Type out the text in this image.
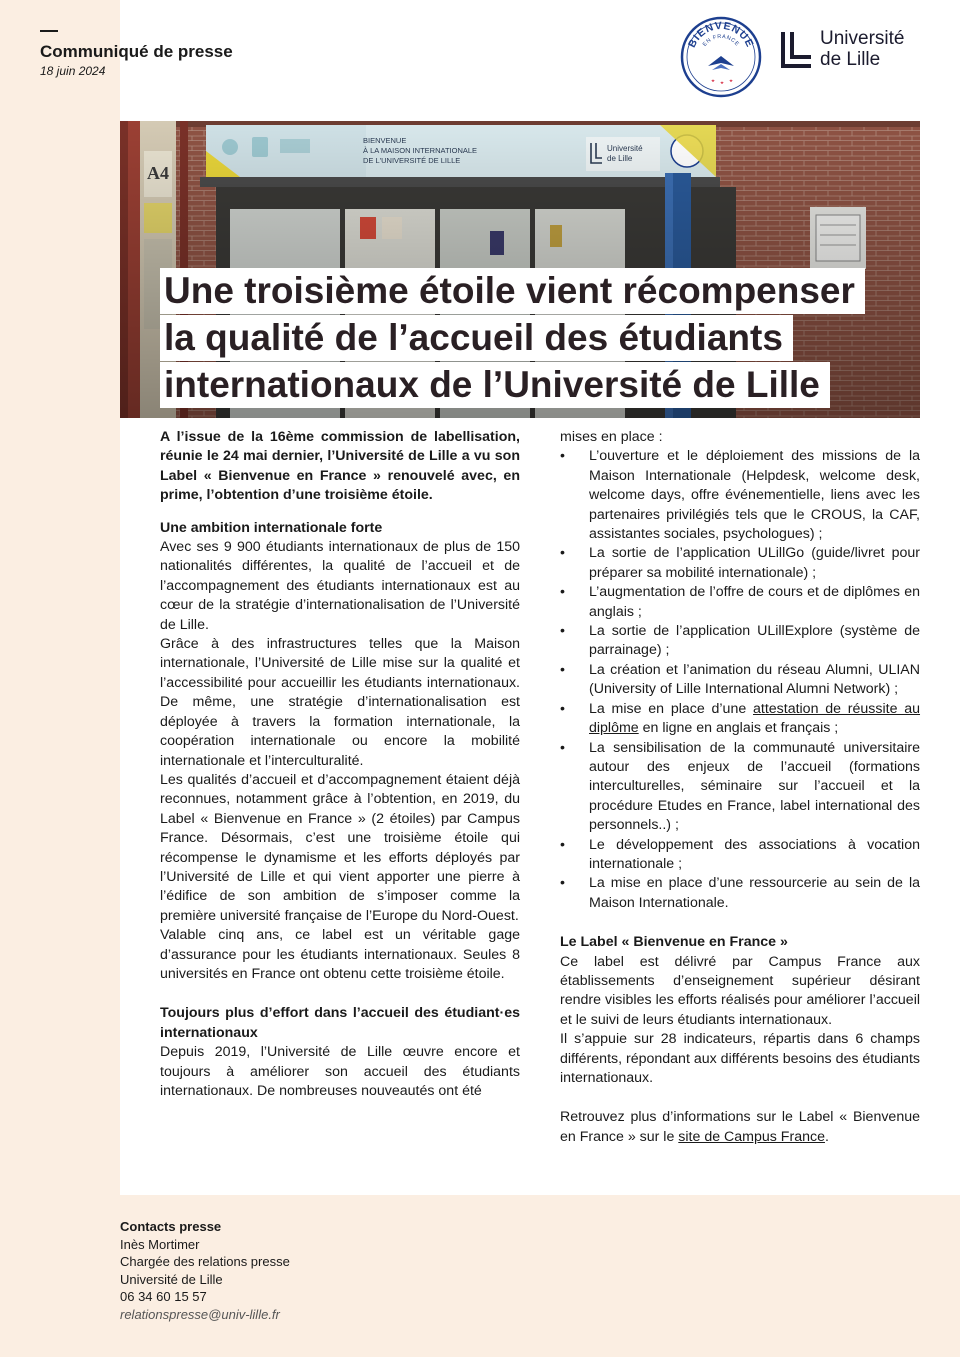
Communiqué de presse
18 juin 2024
BIENVENUE
EN FRANCE	Université
de Lille
Une troisième étoile vient récompenser
la qualité de l’accueil des étudiants
internationaux de l’Université de Lille

A l’issue de la 16ème commission de labellisation, réunie le 24 mai dernier, l’Université de Lille a vu son Label « Bienvenue en France » renouvelé avec, en prime, l’obtention d’une troisième étoile.

Une ambition internationale forte

Avec ses 9 900 étudiants internationaux de plus de 150 nationalités différentes, la qualité de l’accueil et de l’accompagnement des étudiants internationaux est au cœur de la stratégie d’internationalisation de l’Université de Lille.

Grâce à des infrastructures telles que la Maison internationale, l’Université de Lille mise sur la qualité et l’accessibilité pour accueillir les étudiants internationaux. De même, une stratégie d’internationalisation est déployée à travers la formation internationale, la coopération internationale ou encore la mobilité internationale et l’interculturalité.

Les qualités d’accueil et d’accompagnement étaient déjà reconnues, notamment grâce à l’obtention, en 2019, du Label « Bienvenue en France » (2 étoiles) par Campus France. Désormais, c’est une troisième étoile qui récompense le dynamisme et les efforts déployés par l’Université de Lille et qui vient apporter une pierre à l’édifice de son ambition de s’imposer comme la première université française de l’Europe du Nord-Ouest.

Valable cinq ans, ce label est un véritable gage d’assurance pour les étudiants internationaux. Seules 8 universités en France ont obtenu cette troisième étoile.

Toujours plus d’effort dans l’accueil des étudiant·es internationaux

Depuis 2019, l’Université de Lille œuvre encore et toujours à améliorer son accueil des étudiants internationaux. De nombreuses nouveautés ont été

mises en place :

• L’ouverture et le déploiement des missions de la Maison Internationale (Helpdesk, welcome desk, welcome days, offre événementielle, liens avec les partenaires privilégiés tels que le CROUS, la CAF, assistantes sociales, psychologues) ;
• La sortie de l’application ULillGo (guide/livret pour préparer sa mobilité internationale) ;
• L’augmentation de l’offre de cours et de diplômes en anglais ;
• La sortie de l’application ULillExplore (système de parrainage) ;
• La création et l’animation du réseau Alumni, ULIAN (University of Lille International Alumni Network) ;
• La mise en place d’une attestation de réussite au diplôme en ligne en anglais et français ;
• La sensibilisation de la communauté universitaire autour des enjeux de l’accueil (formations interculturelles, séminaire sur l’accueil et la procédure Etudes en France, label international des personnels..) ;
• Le développement des associations à vocation internationale ;
• La mise en place d’une ressourcerie au sein de la Maison Internationale.

Le Label « Bienvenue en France »

Ce label est délivré par Campus France aux établissements d’enseignement supérieur désirant rendre visibles les efforts réalisés pour améliorer l’accueil et le suivi de leurs étudiants internationaux.

Il s’appuie sur 28 indicateurs, répartis dans 6 champs différents, répondant aux différents besoins des étudiants internationaux.

Retrouvez plus d’informations sur le Label « Bienvenue en France » sur le site de Campus France.

Contacts presse
Inès Mortimer
Chargée des relations presse
Université de Lille
06 34 60 15 57
relationspresse@univ-lille.fr
